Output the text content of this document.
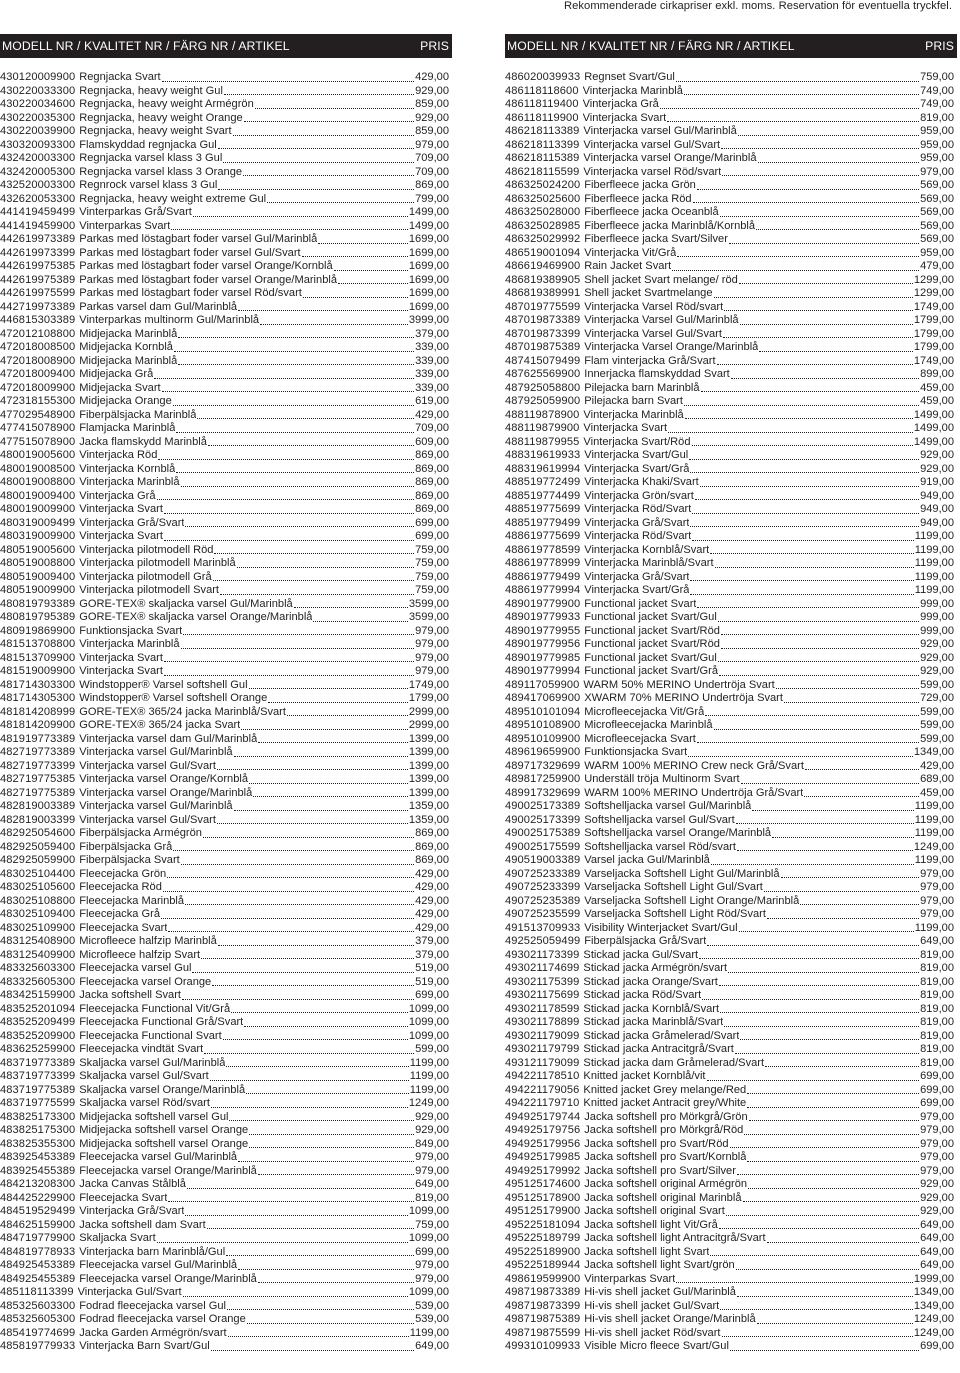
Rekommenderade cirkapriser exkl. moms. Reservation för eventuella tryckfel.
MODELL NR / KVALITET NR / FÄRG NR / ARTIKEL	PRIS
430120009900 Regnjacka Svart	429,00
430220033300 Regnjacka, heavy weight Gul	929,00
430220034600 Regnjacka, heavy weight Armégrön	859,00
430220035300 Regnjacka, heavy weight Orange	929,00
430220039900 Regnjacka, heavy weight Svart	859,00
430320093300 Flamskyddad regnjacka Gul	979,00
432420003300 Regnjacka varsel klass 3 Gul	709,00
432420005300 Regnjacka varsel klass 3 Orange	709,00
432520003300 Regnrock varsel klass 3 Gul	869,00
432620053300 Regnjacka, heavy weight extreme Gul	799,00
441419459499 Vinterparkas Grå/Svart	1499,00
441419459900 Vinterparkas Svart	1499,00
442619973389 Parkas med löstagbart foder varsel Gul/Marinblå	1699,00
442619973399 Parkas med löstagbart foder varsel Gul/Svart	1699,00
442619975385 Parkas med löstagbart foder varsel Orange/Kornblå	1699,00
442619975389 Parkas med löstagbart foder varsel Orange/Marinblå	1699,00
442619975599 Parkas med löstagbart foder varsel Röd/svart	1699,00
442719973389 Parkas varsel dam Gul/Marinblå	1699,00
446815303389 Vinterparkas multinorm Gul/Marinblå	3999,00
472012108800 Midjejacka Marinblå	379,00
472018008500 Midjejacka Kornblå	339,00
472018008900 Midjejacka Marinblå	339,00
472018009400 Midjejacka Grå	339,00
472018009900 Midjejacka Svart	339,00
472318155300 Midjejacka Orange	619,00
477029548900 Fiberpälsjacka Marinblå	429,00
477415078900 Flamjacka Marinblå	709,00
477515078900 Jacka flamskydd Marinblå	609,00
480019005600 Vinterjacka Röd	869,00
480019008500 Vinterjacka Kornblå	869,00
480019008800 Vinterjacka Marinblå	869,00
480019009400 Vinterjacka Grå	869,00
480019009900 Vinterjacka Svart	869,00
480319009499 Vinterjacka Grå/Svart	699,00
480319009900 Vinterjacka Svart	699,00
480519005600 Vinterjacka pilotmodell Röd	759,00
480519008800 Vinterjacka pilotmodell Marinblå	759,00
480519009400 Vinterjacka pilotmodell Grå	759,00
480519009900 Vinterjacka pilotmodell Svart	759,00
480819793389 GORE-TEX® skaljacka varsel Gul/Marinblå	3599,00
480819795389 GORE-TEX® skaljacka varsel Orange/Marinblå	3599,00
480919869900 Funktionsjacka Svart	979,00
481513708800 Vinterjacka Marinblå	979,00
481513709900 Vinterjacka Svart	979,00
481519009900 Vinterjacka Svart	979,00
481714303300 Windstopper® Varsel softshell Gul	1749,00
481714305300 Windstopper® Varsel softshell Orange	1799,00
481814208999 GORE-TEX® 365/24 jacka Marinblå/Svart	2999,00
481814209900 GORE-TEX® 365/24 jacka Svart	2999,00
481919773389 Vinterjacka varsel dam Gul/Marinblå	1399,00
482719773389 Vinterjacka varsel Gul/Marinblå	1399,00
482719773399 Vinterjacka varsel Gul/Svart	1399,00
482719775385 Vinterjacka varsel Orange/Kornblå	1399,00
482719775389 Vinterjacka varsel Orange/Marinblå	1399,00
482819003389 Vinterjacka varsel Gul/Marinblå	1359,00
482819003399 Vinterjacka varsel Gul/Svart	1359,00
482925054600 Fiberpälsjacka Armégrön	869,00
482925059400 Fiberpälsjacka Grå	869,00
482925059900 Fiberpälsjacka Svart	869,00
483025104400 Fleecejacka Grön	429,00
483025105600 Fleecejacka Röd	429,00
483025108800 Fleecejacka Marinblå	429,00
483025109400 Fleecejacka Grå	429,00
483025109900 Fleecejacka Svart	429,00
483125408900 Microfleece halfzip Marinblå	379,00
483125409900 Microfleece halfzip Svart	379,00
483325603300 Fleecejacka varsel Gul	519,00
483325605300 Fleecejacka varsel Orange	519,00
483425159900 Jacka softshell Svart	699,00
483525201094 Fleecejacka Functional Vit/Grå	1099,00
483525209499 Fleecejacka Functional Grå/Svart	1099,00
483525209900 Fleecejacka Functional Svart	1099,00
483625259900 Fleecejacka vindtät Svart	599,00
483719773389 Skaljacka varsel Gul/Marinblå	1199,00
483719773399 Skaljacka varsel Gul/Svart	1199,00
483719775389 Skaljacka varsel Orange/Marinblå	1199,00
483719775599 Skaljacka varsel Röd/svart	1249,00
483825173300 Midjejacka softshell varsel Gul	929,00
483825175300 Midjejacka softshell varsel Orange	929,00
483825355300 Midjejacka softshell varsel Orange	849,00
483925453389 Fleecejacka varsel Gul/Marinblå	979,00
483925455389 Fleecejacka varsel Orange/Marinblå	979,00
484213208300 Jacka Canvas Stålblå	649,00
484425229900 Fleecejacka Svart	819,00
484519529499 Vinterjacka Grå/Svart	1099,00
484625159900 Jacka softshell dam Svart	759,00
484719779900 Skaljacka Svart	1099,00
484819778933 Vinterjacka barn Marinblå/Gul	699,00
484925453389 Fleecejacka varsel Gul/Marinblå	979,00
484925455389 Fleecejacka varsel Orange/Marinblå	979,00
485118113399 Vinterjacka Gul/Svart	1099,00
485325603300 Fodrad fleecejacka varsel Gul	539,00
485325605300 Fodrad fleecejacka varsel Orange	539,00
485419774699 Jacka Garden Armégrön/svart	1199,00
485819779933 Vinterjacka Barn Svart/Gul	649,00
MODELL NR / KVALITET NR / FÄRG NR / ARTIKEL	PRIS
486020039933 Regnset Svart/Gul	759,00
486118118600 Vinterjacka Marinblå	749,00
486118119400 Vinterjacka Grå	749,00
486118119900 Vinterjacka Svart	819,00
486218113389 Vinterjacka varsel Gul/Marinblå	959,00
486218113399 Vinterjacka varsel Gul/Svart	959,00
486218115389 Vinterjacka varsel Orange/Marinblå	959,00
486218115599 Vinterjacka varsel Röd/svart	979,00
486325024200 Fiberfleece jacka Grön	569,00
486325025600 Fiberfleece jacka Röd	569,00
486325028000 Fiberfleece jacka Oceanblå	569,00
486325028985 Fiberfleece jacka Marinblå/Kornblå	569,00
486325029992 Fiberfleece jacka Svart/Silver	569,00
486519001094 Vinterjacka Vit/Grå	959,00
486619469900 Rain Jacket Svart	479,00
486819389905 Shell jacket Svart melange/ röd	1299,00
486819389991 Shell jacket Svartmelange	1299,00
487019775599 Vinterjacka Varsel Röd/svart	1749,00
487019873389 Vinterjacka Varsel Gul/Marinblå	1799,00
487019873399 Vinterjacka Varsel Gul/Svart	1799,00
487019875389 Vinterjacka Varsel Orange/Marinblå	1799,00
487415079499 Flam vinterjacka Grå/Svart	1749,00
487625569900 Innerjacka flamskyddad Svart	899,00
487925058800 Pilejacka barn Marinblå	459,00
487925059900 Pilejacka barn Svart	459,00
488119878900 Vinterjacka Marinblå	1499,00
488119879900 Vinterjacka Svart	1499,00
488119879955 Vinterjacka Svart/Röd	1499,00
488319619933 Vinterjacka Svart/Gul	929,00
488319619994 Vinterjacka Svart/Grå	929,00
488519772499 Vinterjacka Khaki/Svart	919,00
488519774499 Vinterjacka Grön/svart	949,00
488519775699 Vinterjacka Röd/Svart	949,00
488519779499 Vinterjacka Grå/Svart	949,00
488619775699 Vinterjacka Röd/Svart	1199,00
488619778599 Vinterjacka Kornblå/Svart	1199,00
488619778999 Vinterjacka Marinblå/Svart	1199,00
488619779499 Vinterjacka Grå/Svart	1199,00
488619779994 Vinterjacka Svart/Grå	1199,00
489019779900 Functional jacket Svart	999,00
489019779933 Functional jacket Svart/Gul	999,00
489019779955 Functional jacket Svart/Röd	999,00
489019779956 Functional jacket Svart/Röd	929,00
489019779985 Functional jacket Svart/Gul	929,00
489019779994 Functional jacket Svart/Grå	929,00
489117059900 WARM 50% MERINO Undertröja Svart	599,00
489417069900 XWARM 70% MERINO Undertröja Svart	729,00
489510101094 Microfleecejacka Vit/Grå	599,00
489510108900 Microfleecejacka Marinblå	599,00
489510109900 Microfleecejacka Svart	599,00
489619659900 Funktionsjacka Svart	1349,00
489717329699 WARM 100% MERINO Crew neck Grå/Svart	429,00
489817259900 Underställ tröja Multinorm Svart	689,00
489917329699 WARM 100% MERINO Undertröja Grå/Svart	459,00
490025173389 Softshelljacka varsel Gul/Marinblå	1199,00
490025173399 Softshelljacka varsel Gul/Svart	1199,00
490025175389 Softshelljacka varsel Orange/Marinblå	1199,00
490025175599 Softshelljacka varsel Röd/svart	1249,00
490519003389 Varsel jacka Gul/Marinblå	1199,00
490725233389 Varseljacka Softshell Light Gul/Marinblå	979,00
490725233399 Varseljacka Softshell Light Gul/Svart	979,00
490725235389 Varseljacka Softshell Light Orange/Marinblå	979,00
490725235599 Varseljacka Softshell Light Röd/Svart	979,00
491513709933 Visibility Winterjacket Svart/Gul	1199,00
492525059499 Fiberpälsjacka Grå/Svart	649,00
493021173399 Stickad jacka Gul/Svart	819,00
493021174699 Stickad jacka Armégrön/svart	819,00
493021175399 Stickad jacka Orange/Svart	819,00
493021175699 Stickad jacka Röd/Svart	819,00
493021178599 Stickad jacka Kornblå/Svart	819,00
493021178899 Stickad jacka Marinblå/Svart	819,00
493021179099 Stickad jacka Gråmelerad/Svart	819,00
493021179799 Stickad jacka Antracitgrå/Svart	819,00
493121179099 Stickad jacka dam Gråmelerad/Svart	819,00
494221178510 Knitted jacket Kornblå/vit	699,00
494221179056 Knitted jacket Grey melange/Red	699,00
494221179710 Knitted jacket Antracit grey/White	699,00
494925179744 Jacka softshell pro Mörkgrå/Grön	979,00
494925179756 Jacka softshell pro Mörkgrå/Röd	979,00
494925179956 Jacka softshell pro Svart/Röd	979,00
494925179985 Jacka softshell pro Svart/Kornblå	979,00
494925179992 Jacka softshell pro Svart/Silver	979,00
495125174600 Jacka softshell original Armégrön	929,00
495125178900 Jacka softshell original Marinblå	929,00
495125179900 Jacka softshell original Svart	929,00
495225181094 Jacka softshell light Vit/Grå	649,00
495225189799 Jacka softshell light Antracitgrå/Svart	649,00
495225189900 Jacka softshell light Svart	649,00
495225189944 Jacka softshell light Svart/grön	649,00
498619599900 Vinterparkas Svart	1999,00
498719873389 Hi-vis shell jacket Gul/Marinblå	1349,00
498719873399 Hi-vis shell jacket Gul/Svart	1349,00
498719875389 Hi-vis shell jacket Orange/Marinblå	1249,00
498719875599 Hi-vis shell jacket Röd/svart	1249,00
499310109933 Visible Micro fleece Svart/Gul	699,00
